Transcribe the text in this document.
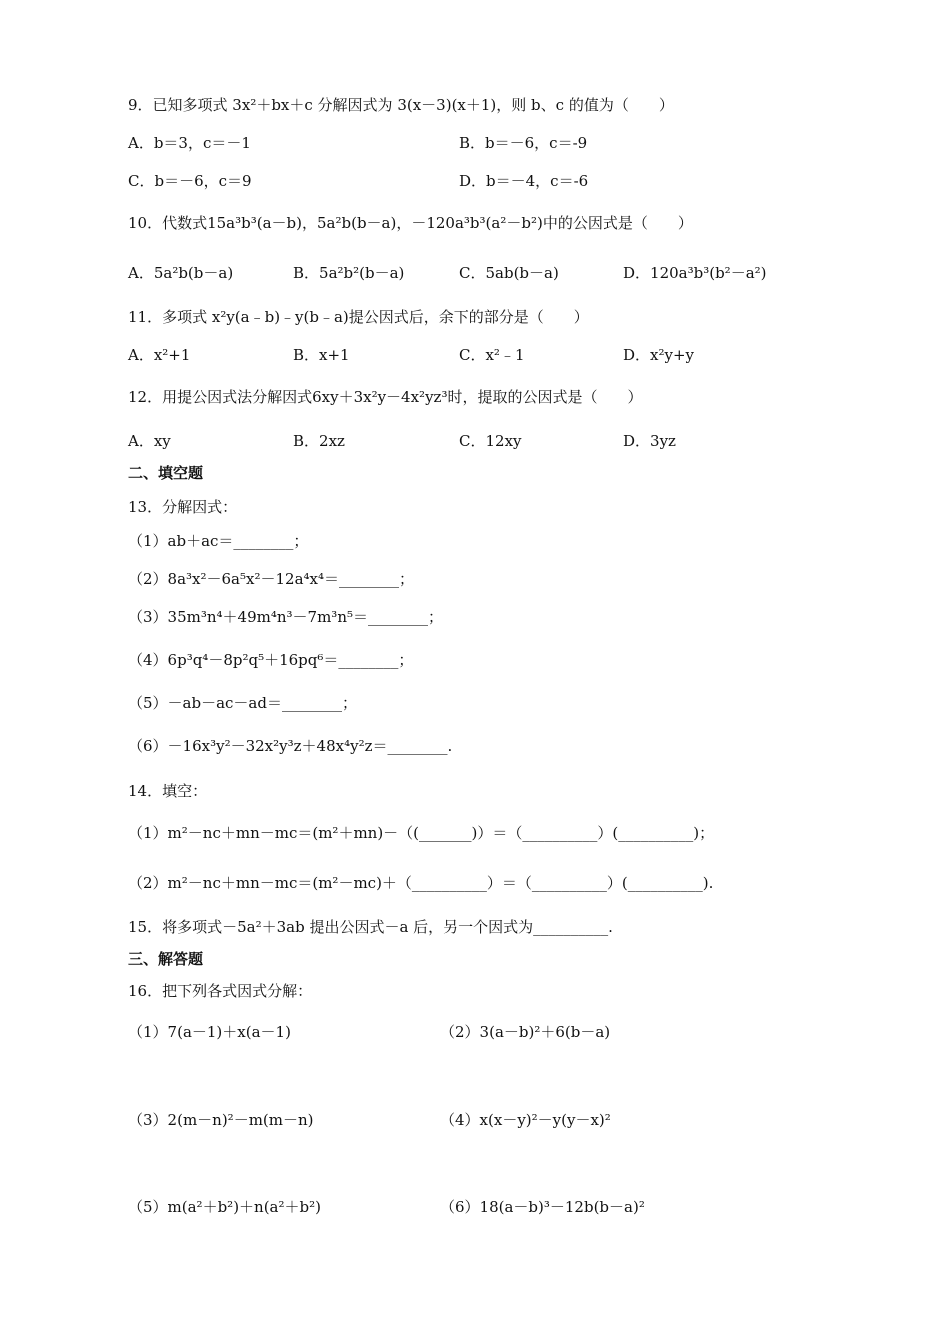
9．已知多项式 3x²＋bx＋c 分解因式为 3(x－3)(x＋1)，则 b、c 的值为（　　）
A．b＝3，c＝－1	B．b＝－6，c＝-9
C．b＝－6，c＝9	D．b＝－4，c＝-6
10．代数式15a³b³(a－b)，5a²b(b－a)，－120a³b³(a²－b²)中的公因式是（　　）
A．5a²b(b－a)	B．5a²b²(b－a)	C．5ab(b－a)	D．120a³b³(b²－a²)
11．多项式 x²y(a﹣b)﹣y(b﹣a)提公因式后，余下的部分是（　　）
A．x²+1	B．x+1	C．x²﹣1	D．x²y+y
12．用提公因式法分解因式6xy＋3x²y－4x²yz³时，提取的公因式是（　　）
A．xy	B．2xz	C．12xy	D．3yz
二、填空题
13．分解因式：
（1）ab＋ac＝________；
（2）8a³x²－6a⁵x²－12a⁴x⁴＝________；
（3）35m³n⁴＋49m⁴n³－7m³n⁵＝________；
（4）6p³q⁴－8p²q⁵＋16pq⁶＝________；
（5）－ab－ac－ad＝________；
（6）－16x³y²－32x²y³z＋48x⁴y²z＝________.
14．填空：
（1）m²－nc＋mn－mc＝(m²＋mn)－（(_______)）＝（__________）(__________)；
（2）m²－nc＋mn－mc＝(m²－mc)＋（__________）＝（__________）(__________).
15．将多项式－5a²＋3ab 提出公因式－a 后，另一个因式为__________.
三、解答题
16．把下列各式因式分解：
（1）7(a－1)＋x(a－1)	（2）3(a－b)²＋6(b－a)
（3）2(m－n)²－m(m－n)	（4）x(x－y)²－y(y－x)²
（5）m(a²＋b²)＋n(a²＋b²)	（6）18(a－b)³－12b(b－a)²
